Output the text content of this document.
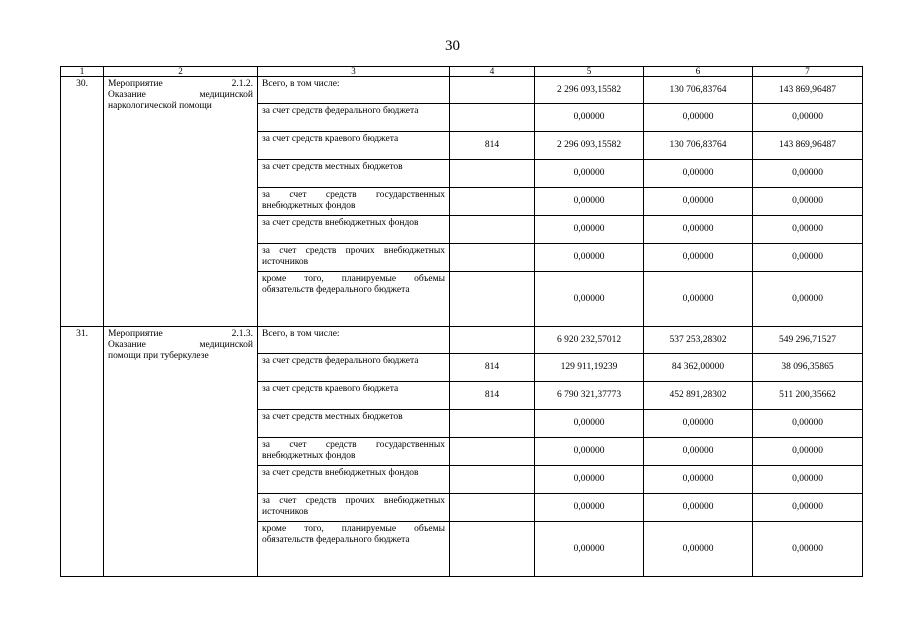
30
1	2	3	4	5	6	7
30.	Мероприятие 2.1.2.
Оказание медицинской
наркологической помощи	Всего, в том числе:		2 296 093,15582	130 706,83764	143 869,96487
		за счет средств федерального бюджета		0,00000	0,00000	0,00000
		за счет средств краевого бюджета	814	2 296 093,15582	130 706,83764	143 869,96487
		за счет средств местных бюджетов		0,00000	0,00000	0,00000
		за счет средств государственных внебюджетных фондов		0,00000	0,00000	0,00000
		за счет средств внебюджетных фондов		0,00000	0,00000	0,00000
		за счет средств прочих внебюджетных источников		0,00000	0,00000	0,00000
		кроме того, планируемые объемы обязательств федерального бюджета		0,00000	0,00000	0,00000
31.	Мероприятие 2.1.3.
Оказание медицинской
помощи при туберкулезе	Всего, в том числе:		6 920 232,57012	537 253,28302	549 296,71527
		за счет средств федерального бюджета	814	129 911,19239	84 362,00000	38 096,35865
		за счет средств краевого бюджета	814	6 790 321,37773	452 891,28302	511 200,35662
		за счет средств местных бюджетов		0,00000	0,00000	0,00000
		за счет средств государственных внебюджетных фондов		0,00000	0,00000	0,00000
		за счет средств внебюджетных фондов		0,00000	0,00000	0,00000
		за счет средств прочих внебюджетных источников		0,00000	0,00000	0,00000
		кроме того, планируемые объемы обязательств федерального бюджета		0,00000	0,00000	0,00000
